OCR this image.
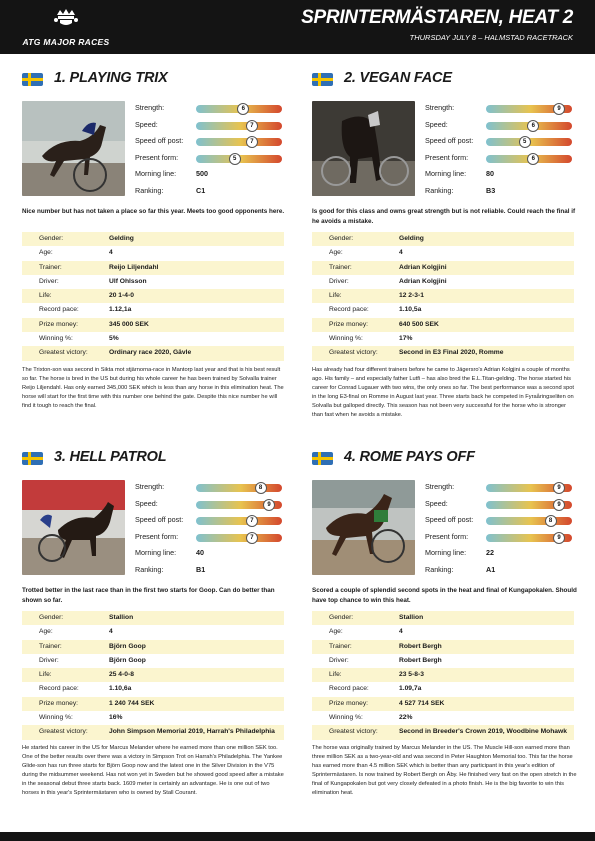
ATG MAJOR RACES
SPRINTERMÄSTAREN, HEAT 2
THURSDAY JULY 8 – HALMSTAD RACETRACK
1. PLAYING TRIX
Strength:	6
Speed:	7
Speed off post:	7
Present form:	5
Morning line:	500
Ranking:	C1
Nice number but has not taken a place so far this year. Meets too good opponents here.
Gender:	Gelding
Age:	4
Trainer:	Reijo Liljendahl
Driver:	Ulf Ohlsson
Life:	20 1-4-0
Record pace:	1.12,1a
Prize money:	345 000 SEK
Winning %:	5%
Greatest victory:	Ordinary race 2020, Gävle
The Trixton-son was second in Sikta mot stjärnorna-race in Mantorp last year and that is his best result so far. The horse is bred in the US but during his whole career he has been trained by Solvalla trainer Reijo Liljendahl. Has only earned 345,000 SEK which is less than any horse in this elimination heat. The horse will start for the first time with this number one behind the gate. Despite this nice number he will find it tough to reach the final.
2. VEGAN FACE
Strength:	9
Speed:	6
Speed off post:	5
Present form:	6
Morning line:	80
Ranking:	B3
Is good for this class and owns great strength but is not reliable. Could reach the final if he avoids a mistake.
Gender:	Gelding
Age:	4
Trainer:	Adrian Kolgjini
Driver:	Adrian Kolgjini
Life:	12 2-3-1
Record pace:	1.10,5a
Prize money:	640 500 SEK
Winning %:	17%
Greatest victory:	Second in E3 Final 2020, Romme
Has already had four different trainers before he came to Jägersro's Adrian Kolgjini a couple of months ago. His family – and especially father Lutfi – has also bred the E.L.Titan-gelding. The horse started his career for Conrad Lugauer with two wins, the only ones so far. The best performance was a second spot in the long E3-final on Romme in August last year. Three starts back he competed in Fyraåringseliten on Solvalla but galloped directly. This season has not been very successful for the horse who is stronger than fast when he avoids a mistake.
3. HELL PATROL
Strength:	8
Speed:	9
Speed off post:	7
Present form:	7
Morning line:	40
Ranking:	B1
Trotted better in the last race than in the first two starts for Goop. Can do better than shown so far.
Gender:	Stallion
Age:	4
Trainer:	Björn Goop
Driver:	Björn Goop
Life:	25 4-0-8
Record pace:	1.10,6a
Prize money:	1 240 744 SEK
Winning %:	16%
Greatest victory:	John Simpson Memorial 2019, Harrah's Philadelphia
He started his career in the US for Marcus Melander where he earned more than one million SEK too. One of the better results over there was a victory in Simpson Trot on Harrah's Philadelphia. The Yankee Glide-son has run three starts for Björn Goop now and the latest one in the Silver Division in the V75 during the midsummer weekend. Has not won yet in Sweden but he showed good speed after a mistake in the seasonal debut three starts back. 1609 meter is certainly an advantage. He is one out of two horses in this year's Sprintermästaren who is owned by Stall Courant.
4. ROME PAYS OFF
Strength:	9
Speed:	9
Speed off post:	8
Present form:	9
Morning line:	22
Ranking:	A1
Scored a couple of splendid second spots in the heat and final of Kungapokalen. Should have top chance to win this heat.
Gender:	Stallion
Age:	4
Trainer:	Robert Bergh
Driver:	Robert Bergh
Life:	23 5-8-3
Record pace:	1.09,7a
Prize money:	4 527 714 SEK
Winning %:	22%
Greatest victory:	Second in Breeder's Crown 2019, Woodbine Mohawk
The horse was originally trained by Marcus Melander in the US. The Muscle Hill-son earned more than three million SEK as a two-year-old and was second in Peter Haughton Memorial too. This far the horse has earned more than 4.5 million SEK which is better than any participant in this year's edition of Sprintermästaren. Is now trained by Robert Bergh on Åby. He finished very fast on the open stretch in the final of Kungapokalen but got very closely defeated in a photo finish. He is the big favorite to win this elimination heat.
